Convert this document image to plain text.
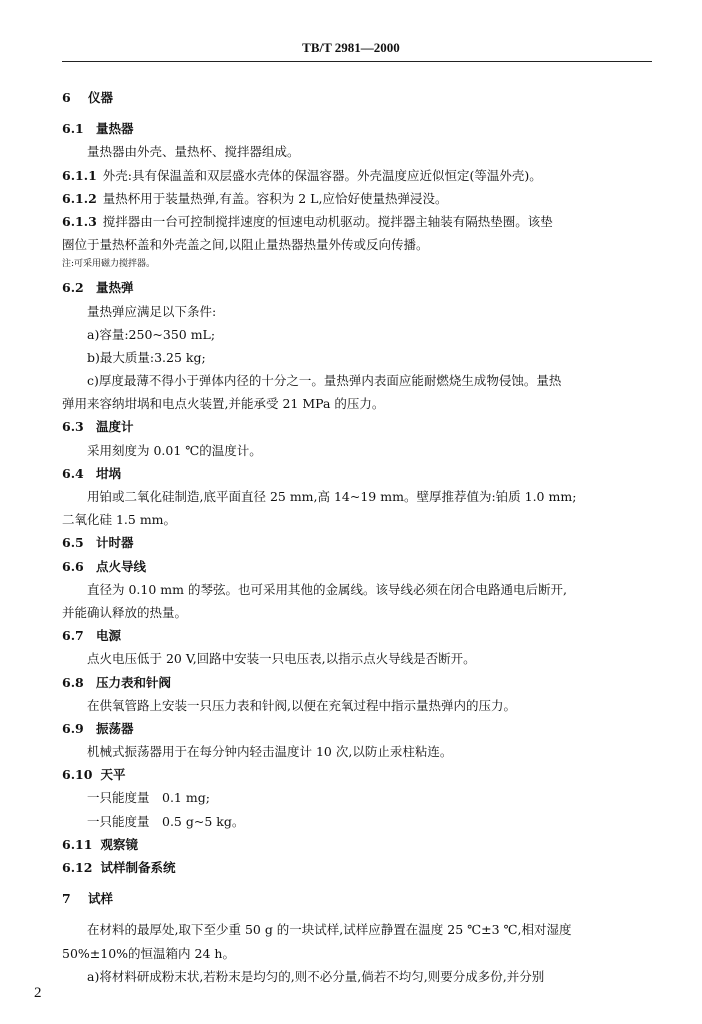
TB/T 2981—2000
6 仪器
6.1 量热器
量热器由外壳、量热杯、搅拌器组成。
6.1.1 外壳:具有保温盖和双层盛水壳体的保温容器。外壳温度应近似恒定(等温外壳)。
6.1.2 量热杯用于装量热弹,有盖。容积为 2 L,应恰好使量热弹浸没。
6.1.3 搅拌器由一台可控制搅拌速度的恒速电动机驱动。搅拌器主轴装有隔热垫圈。该垫
圈位于量热杯盖和外壳盖之间,以阻止量热器热量外传或反向传播。
注:可采用磁力搅拌器。
6.2 量热弹
量热弹应满足以下条件:
a)容量:250~350 mL;
b)最大质量:3.25 kg;
c)厚度最薄不得小于弹体内径的十分之一。量热弹内表面应能耐燃烧生成物侵蚀。量热
弹用来容纳坩埚和电点火装置,并能承受 21 MPa 的压力。
6.3 温度计
采用刻度为 0.01 ℃的温度计。
6.4 坩埚
用铂或二氧化硅制造,底平面直径 25 mm,高 14~19 mm。壁厚推荐值为:铂质 1.0 mm;
二氧化硅 1.5 mm。
6.5 计时器
6.6 点火导线
直径为 0.10 mm 的琴弦。也可采用其他的金属线。该导线必须在闭合电路通电后断开,
并能确认释放的热量。
6.7 电源
点火电压低于 20 V,回路中安装一只电压表,以指示点火导线是否断开。
6.8 压力表和针阀
在供氧管路上安装一只压力表和针阀,以便在充氧过程中指示量热弹内的压力。
6.9 振荡器
机械式振荡器用于在每分钟内轻击温度计 10 次,以防止汞柱粘连。
6.10 天平
一只能度量　0.1 mg;
一只能度量　0.5 g~5 kg。
6.11 观察镜
6.12 试样制备系统
7 试样
在材料的最厚处,取下至少重 50 g 的一块试样,试样应静置在温度 25 ℃±3 ℃,相对湿度
50%±10%的恒温箱内 24 h。
a)将材料研成粉末状,若粉末是均匀的,则不必分量,倘若不均匀,则要分成多份,并分别
2
